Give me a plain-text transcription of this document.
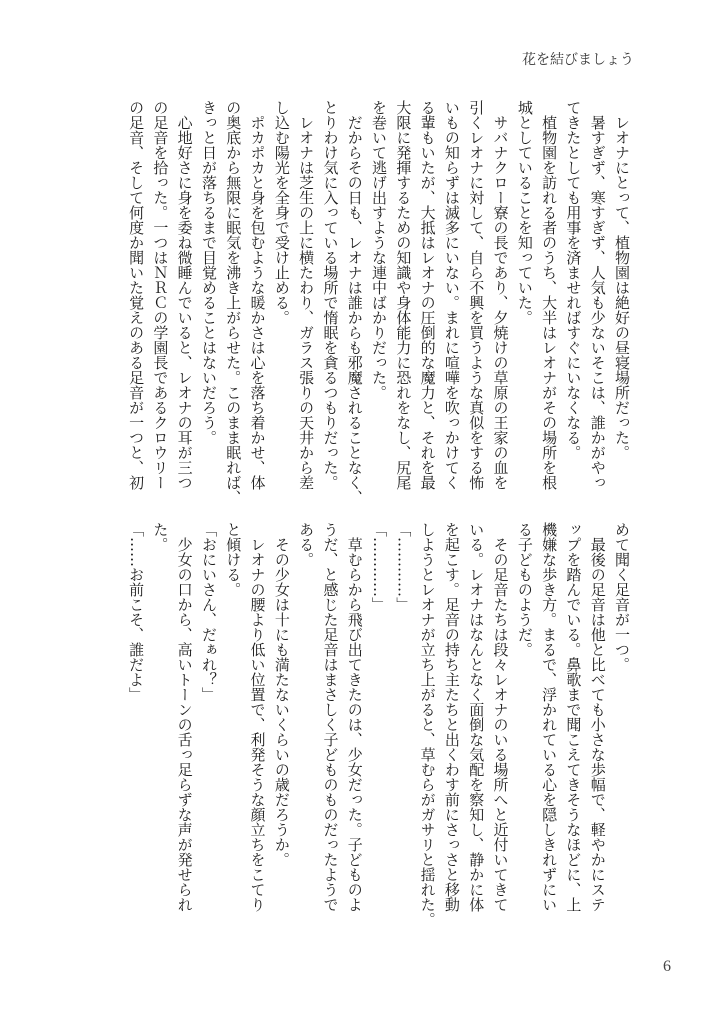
花を結びましょう
　レオナにとって、植物園は絶好の昼寝場所だった。
　暑すぎず、寒すぎず、人気も少ないそこは、誰かがやっ
てきたとしても用事を済ませればすぐにいなくなる。
　植物園を訪れる者のうち、大半はレオナがその場所を根
城としていることを知っていた。
　サバナクロー寮の長であり、夕焼けの草原の王家の血を
引くレオナに対して、自ら不興を買うような真似をする怖
いもの知らずは滅多にいない。まれに喧嘩を吹っかけてく
る輩もいたが、大抵はレオナの圧倒的な魔力と、それを最
大限に発揮するための知識や身体能力に恐れをなし、尻尾
を巻いて逃げ出すような連中ばかりだった。
　だからその日も、レオナは誰からも邪魔されることなく、
とりわけ気に入っている場所で惰眠を貪るつもりだった。
　レオナは芝生の上に横たわり、ガラス張りの天井から差
し込む陽光を全身で受け止める。
　ポカポカと身を包むような暖かさは心を落ち着かせ、体
の奥底から無限に眠気を沸き上がらせた。このまま眠れば、
きっと日が落ちるまで目覚めることはないだろう。
　心地好さに身を委ね微睡んでいると、レオナの耳が三つ
の足音を拾った。一つはＮＲＣの学園長であるクロウリー
の足音、そして何度か聞いた覚えのある足音が一つと、初
めて聞く足音が一つ。
　最後の足音は他と比べても小さな歩幅で、軽やかにステ
ップを踏んでいる。鼻歌まで聞こえてきそうなほどに、上
機嫌な歩き方。まるで、浮かれている心を隠しきれずにい
る子どものようだ。
　その足音たちは段々レオナのいる場所へと近付いてきて
いる。レオナはなんとなく面倒な気配を察知し、静かに体
を起こす。足音の持ち主たちと出くわす前にさっさと移動
しようとレオナが立ち上がると、草むらがガサリと揺れた。
「…………」
「…………」
　草むらから飛び出てきたのは、少女だった。子どものよ
うだ、と感じた足音はまさしく子どものものだったようで
ある。
　その少女は十にも満たないくらいの歳だろうか。
　レオナの腰より低い位置で、利発そうな顔立ちをこてり
と傾ける。
「おにいさん、だぁれ？」
　少女の口から、高いトーンの舌っ足らずな声が発せられ
た。
「……お前こそ、誰だよ」
6
